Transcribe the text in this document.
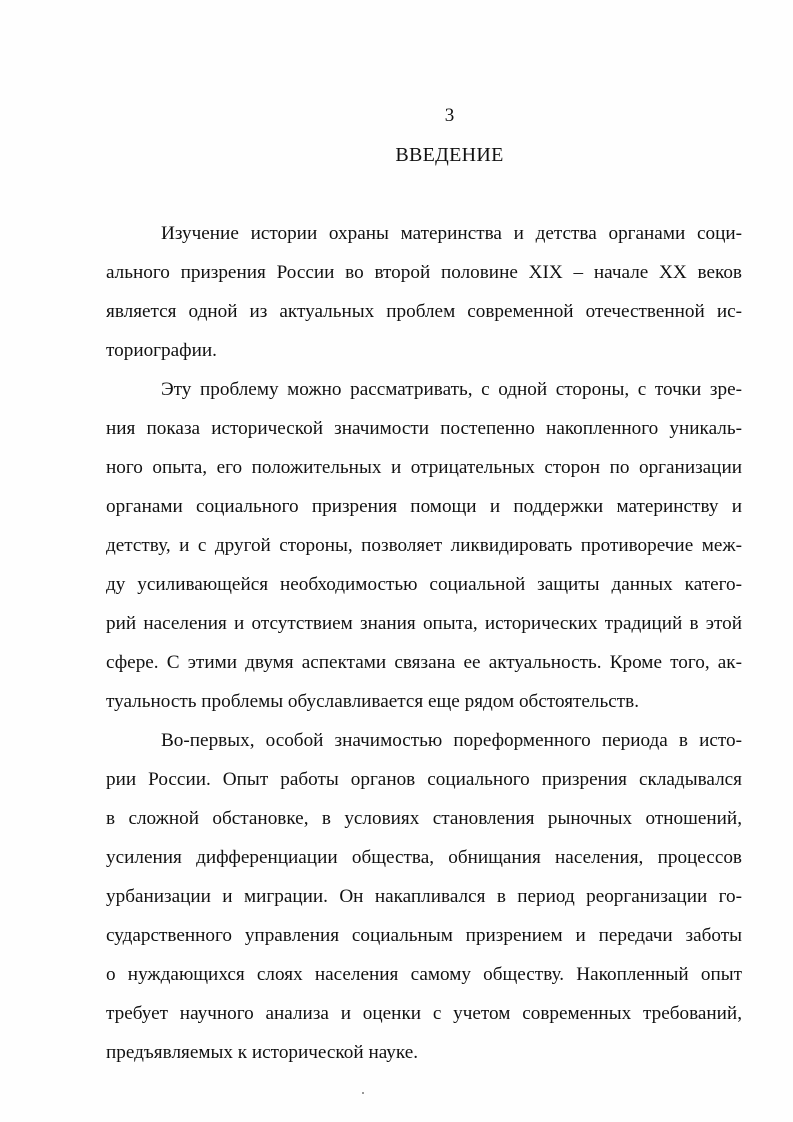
3
ВВЕДЕНИЕ
Изучение истории охраны материнства и детства органами соци-
ального призрения России во второй половине XIX – начале XX веков
является одной из актуальных проблем современной отечественной ис-
ториографии.
Эту проблему можно рассматривать, с одной стороны, с точки зре-
ния показа исторической значимости постепенно накопленного уникаль-
ного опыта, его положительных и отрицательных сторон по организации
органами социального призрения помощи и поддержки материнству и
детству, и с другой стороны, позволяет ликвидировать противоречие меж-
ду усиливающейся необходимостью социальной защиты данных катего-
рий населения и отсутствием знания опыта, исторических традиций в этой
сфере. С этими двумя аспектами связана ее актуальность. Кроме того, ак-
туальность проблемы обуславливается еще рядом обстоятельств.
Во-первых, особой значимостью пореформенного периода в исто-
рии России. Опыт работы органов социального призрения складывался
в сложной обстановке, в условиях становления рыночных отношений,
усиления дифференциации общества, обнищания населения, процессов
урбанизации и миграции. Он накапливался в период реорганизации го-
сударственного управления социальным призрением и передачи заботы
о нуждающихся слоях населения самому обществу. Накопленный опыт
требует научного анализа и оценки с учетом современных требований,
предъявляемых к исторической науке.
